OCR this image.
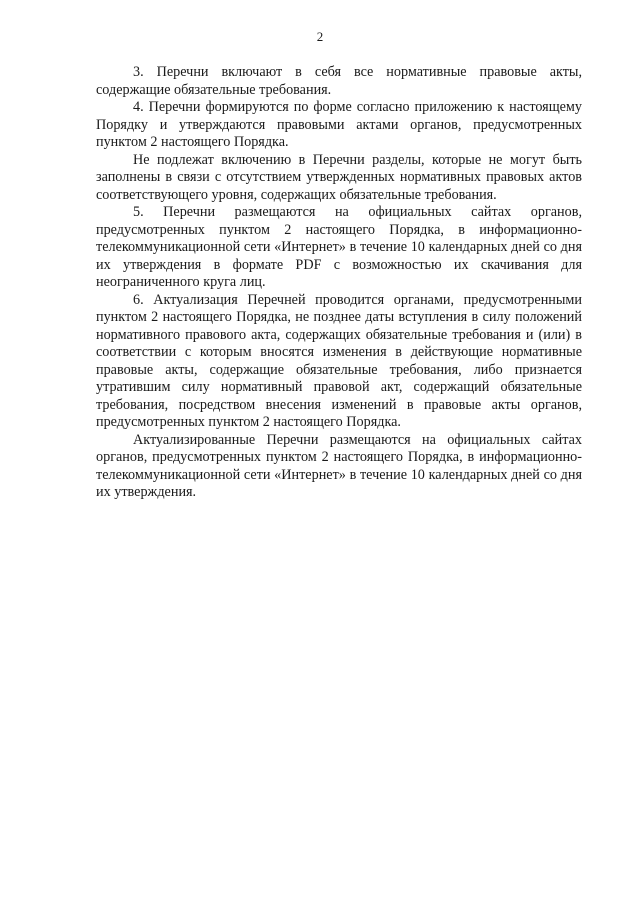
2

3. Перечни включают в себя все нормативные правовые акты, содержащие обязательные требования.

4. Перечни формируются по форме согласно приложению к настоящему Порядку и утверждаются правовыми актами органов, предусмотренных пунктом 2 настоящего Порядка.

Не подлежат включению в Перечни разделы, которые не могут быть заполнены в связи с отсутствием утвержденных нормативных правовых актов соответствующего уровня, содержащих обязательные требования.

5. Перечни размещаются на официальных сайтах органов, предусмотренных пунктом 2 настоящего Порядка, в информационно-телекоммуникационной сети «Интернет» в течение 10 календарных дней со дня их утверждения в формате PDF с возможностью их скачивания для неограниченного круга лиц.

6. Актуализация Перечней проводится органами, предусмотренными пунктом 2 настоящего Порядка, не позднее даты вступления в силу положений нормативного правового акта, содержащих обязательные требования и (или) в соответствии с которым вносятся изменения в действующие нормативные правовые акты, содержащие обязательные требования, либо признается утратившим силу нормативный правовой акт, содержащий обязательные требования, посредством внесения изменений в правовые акты органов, предусмотренных пунктом 2 настоящего Порядка.

Актуализированные Перечни размещаются на официальных сайтах органов, предусмотренных пунктом 2 настоящего Порядка, в информационно-телекоммуникационной сети «Интернет» в течение 10 календарных дней со дня их утверждения.
